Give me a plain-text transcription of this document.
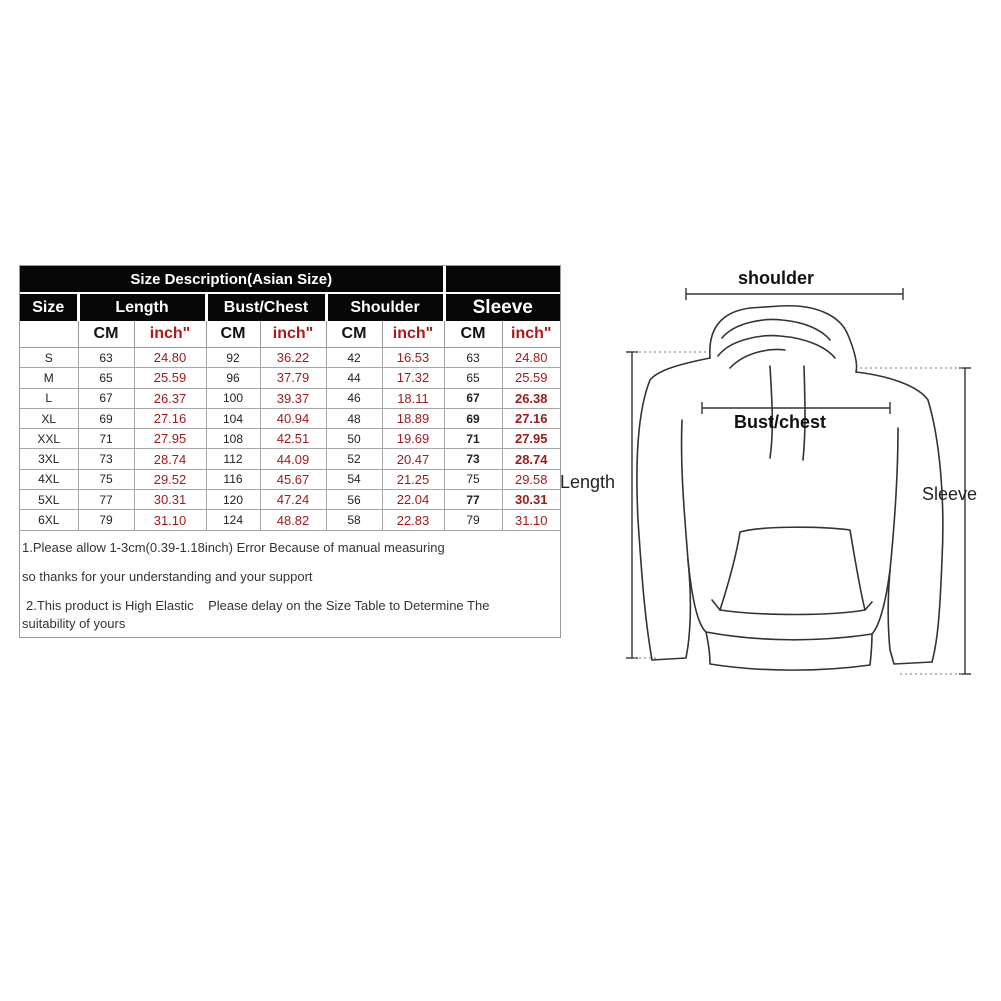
Size Description(Asian Size)								
Size	Length		Bust/Chest		Shoulder		Sleeve	
	CM	inch"	CM	inch"	CM	inch"	CM	inch"
S	63	24.80	92	36.22	42	16.53	63	24.80
M	65	25.59	96	37.79	44	17.32	65	25.59
L	67	26.37	100	39.37	46	18.11	67	26.38
XL	69	27.16	104	40.94	48	18.89	69	27.16
XXL	71	27.95	108	42.51	50	19.69	71	27.95
3XL	73	28.74	112	44.09	52	20.47	73	28.74
4XL	75	29.52	116	45.67	54	21.25	75	29.58
5XL	77	30.31	120	47.24	56	22.04	77	30.31
6XL	79	31.10	124	48.82	58	22.83	79	31.10
1.Please allow 1-3cm(0.39-1.18inch) Error Because of manual measuring
so thanks for your understanding and your support
2.This product is High Elastic    Please delay on the Size Table to Determine The
suitability of yours
shoulder
Bust/chest
Length
Sleeve
